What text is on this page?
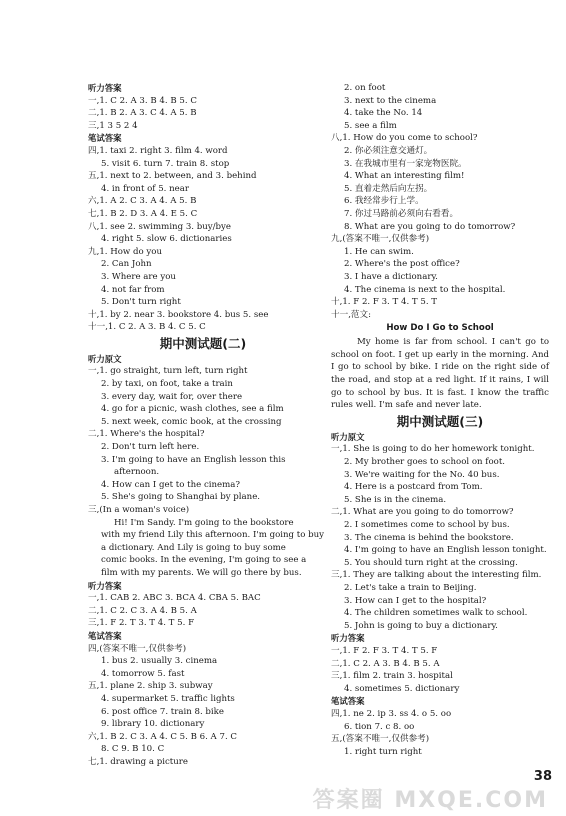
听力答案
一,1. C 2. A 3. B 4. B 5. C
二,1. B 2. A 3. C 4. A 5. B
三,1 3 5 2 4
笔试答案
四,1. taxi 2. right 3. film 4. word
5. visit 6. turn 7. train 8. stop
五,1. next to 2. between, and 3. behind
4. in front of 5. near
六,1. A 2. C 3. A 4. A 5. B
七,1. B 2. D 3. A 4. E 5. C
八,1. see 2. swimming 3. buy/bye
4. right 5. slow 6. dictionaries
九,1. How do you
2. Can John
3. Where are you
4. not far from
5. Don't turn right
十,1. by 2. near 3. bookstore 4. bus 5. see
十一,1. C 2. A 3. B 4. C 5. C
期中测试题(二)
听力原文
一,1. go straight, turn left, turn right
2. by taxi, on foot, take a train
3. every day, wait for, over there
4. go for a picnic, wash clothes, see a film
5. next week, comic book, at the crossing
二,1. Where's the hospital?
2. Don't turn left here.
3. I'm going to have an English lesson this
afternoon.
4. How can I get to the cinema?
5. She's going to Shanghai by plane.
三,(In a woman's voice)
Hi! I'm Sandy. I'm going to the bookstore
with my friend Lily this afternoon. I'm going to buy
a dictionary. And Lily is going to buy some
comic books. In the evening, I'm going to see a
film with my parents. We will go there by bus.
听力答案
一,1. CAB 2. ABC 3. BCA 4. CBA 5. BAC
二,1. C 2. C 3. A 4. B 5. A
三,1. F 2. T 3. T 4. T 5. F
笔试答案
四,(答案不唯一,仅供参考)
1. bus 2. usually 3. cinema
4. tomorrow 5. fast
五,1. plane 2. ship 3. subway
4. supermarket 5. traffic lights
6. post office 7. train 8. bike
9. library 10. dictionary
六,1. B 2. C 3. A 4. C 5. B 6. A 7. C
8. C 9. B 10. C
七,1. drawing a picture
2. on foot
3. next to the cinema
4. take the No. 14
5. see a film
八,1. How do you come to school?
2. 你必须注意交通灯。
3. 在我城市里有一家宠物医院。
4. What an interesting film!
5. 直着走然后向左拐。
6. 我经常步行上学。
7. 你过马路前必须向右看看。
8. What are you going to do tomorrow?
九,(答案不唯一,仅供参考)
1. He can swim.
2. Where's the post office?
3. I have a dictionary.
4. The cinema is next to the hospital.
十,1. F 2. F 3. T 4. T 5. T
十一,范文:
How Do I Go to School
My home is far from school. I can't go to school on foot. I get up early in the morning. And I go to school by bike. I ride on the right side of the road, and stop at a red light. If it rains, I will go to school by bus. It is fast. I know the traffic rules well. I'm safe and never late.
期中测试题(三)
听力原文
一,1. She is going to do her homework tonight.
2. My brother goes to school on foot.
3. We're waiting for the No. 40 bus.
4. Here is a postcard from Tom.
5. She is in the cinema.
二,1. What are you going to do tomorrow?
2. I sometimes come to school by bus.
3. The cinema is behind the bookstore.
4. I'm going to have an English lesson tonight.
5. You should turn right at the crossing.
三,1. They are talking about the interesting film.
2. Let's take a train to Beijing.
3. How can I get to the hospital?
4. The children sometimes walk to school.
5. John is going to buy a dictionary.
听力答案
一,1. F 2. F 3. T 4. T 5. F
二,1. C 2. A 3. B 4. B 5. A
三,1. film 2. train 3. hospital
4. sometimes 5. dictionary
笔试答案
四,1. ne 2. ip 3. ss 4. o 5. oo
6. tion 7. c 8. oo
五,(答案不唯一,仅供参考)
1. right turn right
38
答案圈 MXQE.COM
